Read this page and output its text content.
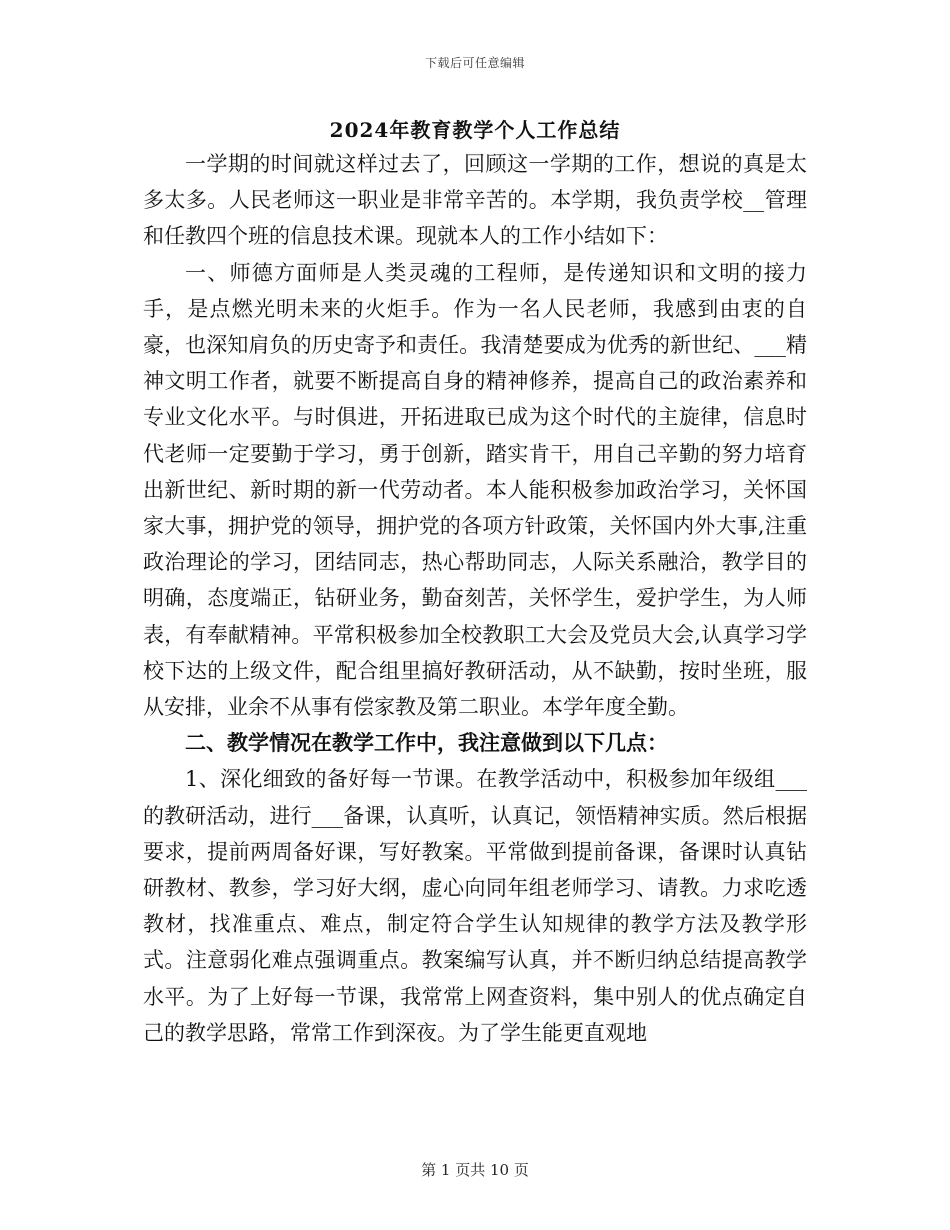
下载后可任意编辑
2024年教育教学个人工作总结

一学期的时间就这样过去了，回顾这一学期的工作，想说的真是太多太多。人民老师这一职业是非常辛苦的。本学期，我负责学校__管理和任教四个班的信息技术课。现就本人的工作小结如下：

一、师德方面师是人类灵魂的工程师，是传递知识和文明的接力手，是点燃光明未来的火炬手。作为一名人民老师，我感到由衷的自豪，也深知肩负的历史寄予和责任。我清楚要成为优秀的新世纪、___精神文明工作者，就要不断提高自身的精神修养，提高自己的政治素养和专业文化水平。与时俱进，开拓进取已成为这个时代的主旋律，信息时代老师一定要勤于学习，勇于创新，踏实肯干，用自己辛勤的努力培育出新世纪、新时期的新一代劳动者。本人能积极参加政治学习，关怀国家大事，拥护党的领导，拥护党的各项方针政策，关怀国内外大事,注重政治理论的学习，团结同志，热心帮助同志，人际关系融洽，教学目的明确，态度端正，钻研业务，勤奋刻苦，关怀学生，爱护学生，为人师表，有奉献精神。平常积极参加全校教职工大会及党员大会,认真学习学校下达的上级文件，配合组里搞好教研活动，从不缺勤，按时坐班，服从安排，业余不从事有偿家教及第二职业。本学年度全勤。

二、教学情况在教学工作中，我注意做到以下几点：

1、深化细致的备好每一节课。在教学活动中，积极参加年级组___的教研活动，进行___备课，认真听，认真记，领悟精神实质。然后根据要求，提前两周备好课，写好教案。平常做到提前备课，备课时认真钻研教材、教参，学习好大纲，虚心向同年组老师学习、请教。力求吃透教材，找准重点、难点，制定符合学生认知规律的教学方法及教学形式。注意弱化难点强调重点。教案编写认真，并不断归纳总结提高教学水平。为了上好每一节课，我常常上网查资料，集中别人的优点确定自己的教学思路，常常工作到深夜。为了学生能更直观地

第 1 页共 10 页
